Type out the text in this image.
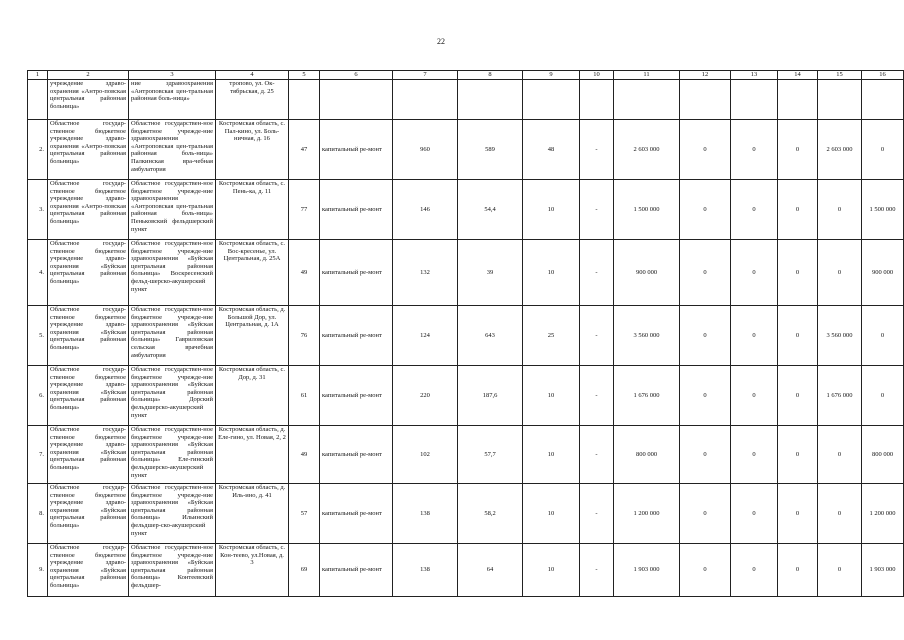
22
1	2	3	4	5	6	7	8	9	10	11	12	13	14	15	16
	учреждение здраво-охранения «Антро-повская центральная районная больница»	ние здравоохранения «Антроповская цен-тральная районная боль-ница»	тропово, ул. Ок-тябрьская, д. 25												
2.	Областное государ-ственное бюджетное учреждение здраво-охранения «Антро-повская центральная районная больница»	Областное государствен-ное бюджетное учрежде-ние здравоохранения «Антроповская цен-тральная районная боль-ница» Палкинская вра-чебная амбулатория	Костромская область, с. Пал-кино, ул. Боль-ничная, д. 16	47	капитальный ре-монт	960	589	48	-	2 603 000	0	0	0	2 603 000	0
3.	Областное государ-ственное бюджетное учреждение здраво-охранения «Антро-повская центральная районная больница»	Областное государствен-ное бюджетное учрежде-ние здравоохранения «Антроповская цен-тральная районная боль-ница» Пеньковский фельдшерский пункт	Костромская область, с. Пень-ка, д. 11	77	капитальный ре-монт	146	54,4	10	-	1 500 000	0	0	0	0	1 500 000
4.	Областное государ-ственное бюджетное учреждение здраво-охранения «Буйская центральная районная больница»	Областное государствен-ное бюджетное учрежде-ние здравоохранения «Буйская центральная районная больница» Воскресенский фельд-шерско-акушерский пункт	Костромская область, с. Вос-кресенье, ул. Центральная, д. 25А	49	капитальный ре-монт	132	39	10	-	900 000	0	0	0	0	900 000
5.	Областное государ-ственное бюджетное учреждение здраво-охранения «Буйская центральная районная больница»	Областное государствен-ное бюджетное учрежде-ние здравоохранения «Буйская центральная районная больница» Гавриловская сельская врачебная амбулатория	Костромская область, д. Большой Дор, ул. Центральная, д. 1А	76	капитальный ре-монт	124	643	25	-	3 560 000	0	0	0	3 560 000	0
6.	Областное государ-ственное бюджетное учреждение здраво-охранения «Буйская центральная районная больница»	Областное государствен-ное бюджетное учрежде-ние здравоохранения «Буйская центральная районная больница» Дорский фельдшерско-акушерский пункт	Костромская область, с. Дор, д. 31	61	капитальный ре-монт	220	187,6	10	-	1 676 000	0	0	0	1 676 000	0
7.	Областное государ-ственное бюджетное учреждение здраво-охранения «Буйская центральная районная больница»	Областное государствен-ное бюджетное учрежде-ние здравоохранения «Буйская центральная районная больница» Еле-гинский фельдшерско-акушерский пункт	Костромская область, д. Еле-гино, ул. Новая, 2, 2	49	капитальный ре-монт	102	57,7	10	-	800 000	0	0	0	0	800 000
8.	Областное государ-ственное бюджетное учреждение здраво-охранения «Буйская центральная районная больница»	Областное государствен-ное бюджетное учрежде-ние здравоохранения «Буйская центральная районная больница» Ильинский фельдшер-ско-акушерский пункт	Костромская область, д. Иль-ино, д. 41	57	капитальный ре-монт	138	58,2	10	-	1 200 000	0	0	0	0	1 200 000
9.	Областное государ-ственное бюджетное учреждение здраво-охранения «Буйская центральная районная больница»	Областное государствен-ное бюджетное учрежде-ние здравоохранения «Буйская центральная районная больница» Контеевский фельдшер-	Костромская область, с. Кон-теево, ул.Новая, д. 3	69	капитальный ре-монт	138	64	10	-	1 903 000	0	0	0	0	1 903 000
